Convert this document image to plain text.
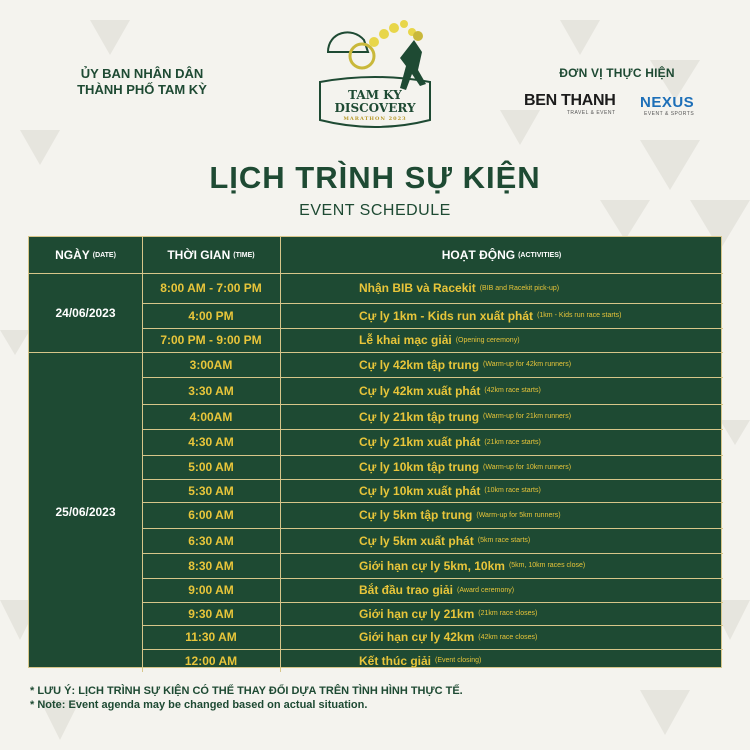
ỦY BAN NHÂN DÂN
THÀNH PHỐ TAM KỲ	TAM KY
DISCOVERY
MARATHON 2023
ĐƠN VỊ THỰC HIỆN
BEN THANH
TRAVEL & EVENT
NEXUS
EVENT & SPORTS
LỊCH TRÌNH SỰ KIỆN
EVENT SCHEDULE
NGÀY (DATE)	THỜI GIAN (TIME)	HOẠT ĐỘNG (ACTIVITIES)
24/06/2023
8:00 AM - 7:00 PM	Nhận BIB và Racekit (BIB and Racekit pick-up)
4:00 PM	Cự ly 1km - Kids run xuất phát (1km - Kids run race starts)
7:00 PM - 9:00 PM	Lễ khai mạc giải (Opening ceremony)
25/06/2023
3:00AM	Cự ly 42km tập trung (Warm-up for 42km runners)
3:30 AM	Cự ly 42km xuất phát (42km race starts)
4:00AM	Cự ly 21km tập trung (Warm-up for 21km runners)
4:30 AM	Cự ly 21km xuất phát (21km race starts)
5:00 AM	Cự ly 10km tập trung (Warm-up for 10km runners)
5:30 AM	Cự ly 10km xuất phát (10km race starts)
6:00 AM	Cự ly 5km tập trung (Warm-up for 5km runners)
6:30 AM	Cự ly 5km xuất phát (5km race starts)
8:30 AM	Giới hạn cự ly 5km, 10km (5km, 10km races close)
9:00 AM	Bắt đầu trao giải (Award ceremony)
9:30 AM	Giới hạn cự ly 21km (21km race closes)
11:30 AM	Giới hạn cự ly 42km (42km race closes)
12:00 AM	Kết thúc giải (Event closing)
* LƯU Ý: LỊCH TRÌNH SỰ KIỆN CÓ THỂ THAY ĐỔI DỰA TRÊN TÌNH HÌNH THỰC TẾ.
* Note: Event agenda may be changed based on actual situation.
